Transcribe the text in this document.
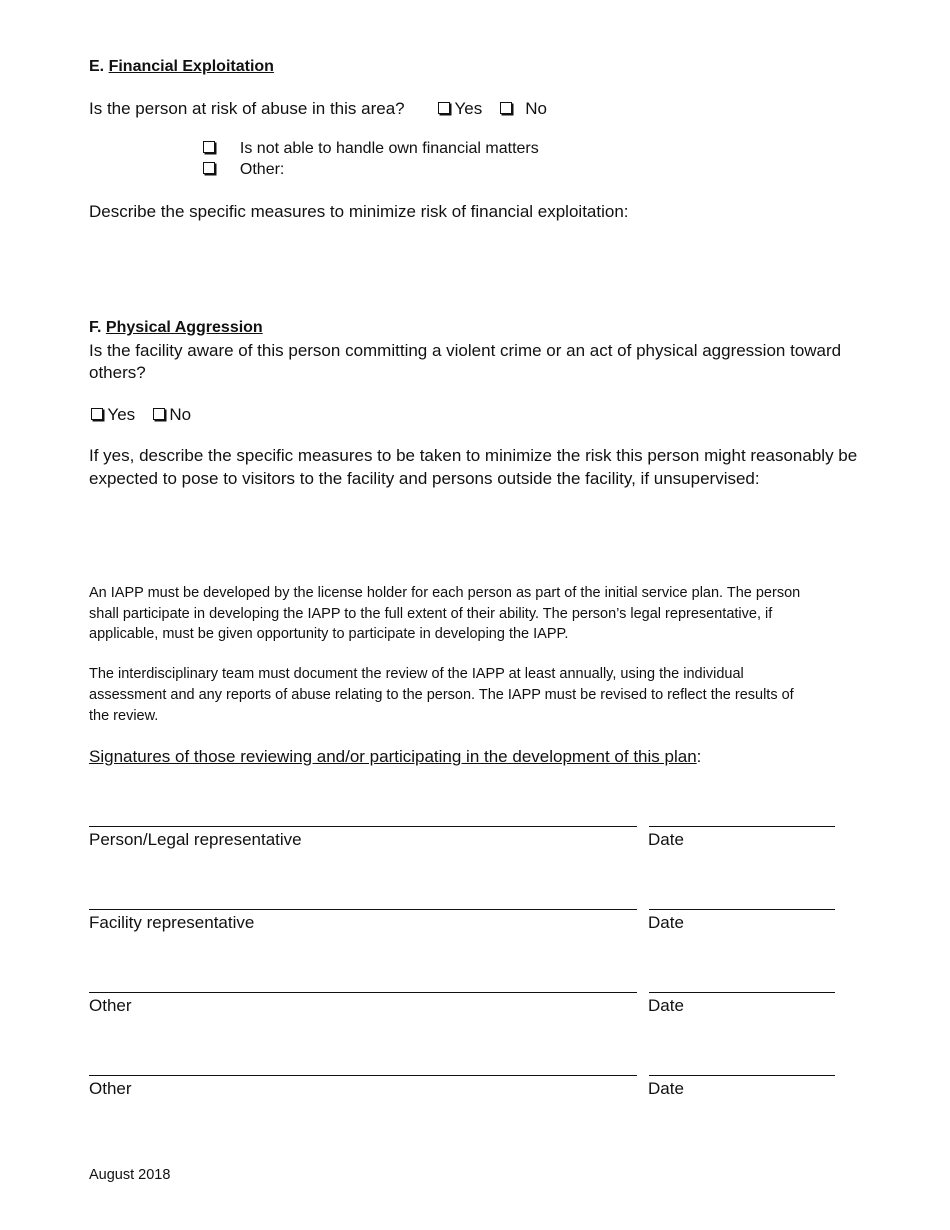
E. Financial Exploitation
Is the person at risk of abuse in this area?	Yes	No
Is not able to handle own financial matters
Other:
Describe the specific measures to minimize risk of financial exploitation:
F. Physical Aggression
Is the facility aware of this person committing a violent crime or an act of physical aggression toward
others?
Yes No
If yes, describe the specific measures to be taken to minimize the risk this person might reasonably be
expected to pose to visitors to the facility and persons outside the facility, if unsupervised:
An IAPP must be developed by the license holder for each person as part of the initial service plan. The person
shall participate in developing the IAPP to the full extent of their ability. The person’s legal representative, if
applicable, must be given opportunity to participate in developing the IAPP.
The interdisciplinary team must document the review of the IAPP at least annually, using the individual
assessment and any reports of abuse relating to the person. The IAPP must be revised to reflect the results of
the review.
Signatures of those reviewing and/or participating in the development of this plan:
Person/Legal representative	Date
Facility representative	Date
Other	Date
Other	Date
August 2018
